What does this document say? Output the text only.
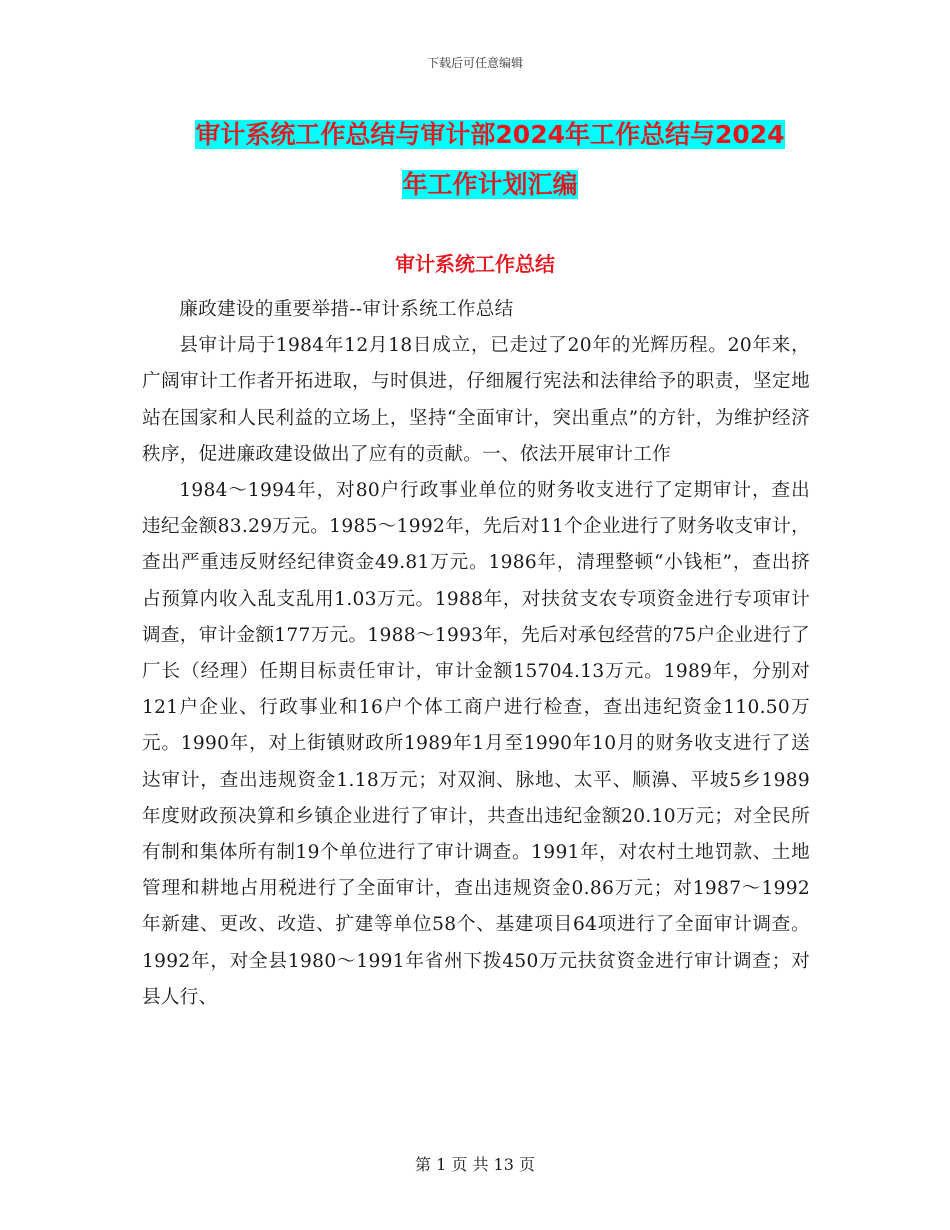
下载后可任意编辑
审计系统工作总结与审计部2024年工作总结与2024
年工作计划汇编
审计系统工作总结

廉政建设的重要举措--审计系统工作总结

县审计局于1984年12月18日成立，已走过了20年的光辉历程。20年来，广阔审计工作者开拓进取，与时俱进，仔细履行宪法和法律给予的职责，坚定地站在国家和人民利益的立场上，坚持“全面审计，突出重点”的方针，为维护经济秩序，促进廉政建设做出了应有的贡献。一、依法开展审计工作

1984～1994年，对80户行政事业单位的财务收支进行了定期审计，查出违纪金额83.29万元。1985～1992年，先后对11个企业进行了财务收支审计，查出严重违反财经纪律资金49.81万元。1986年，清理整顿“小钱柜”，查出挤占预算内收入乱支乱用1.03万元。1988年，对扶贫支农专项资金进行专项审计调查，审计金额177万元。1988～1993年，先后对承包经营的75户企业进行了厂长（经理）任期目标责任审计，审计金额15704.13万元。1989年，分别对121户企业、行政事业和16户个体工商户进行检查，查出违纪资金110.50万元。1990年，对上街镇财政所1989年1月至1990年10月的财务收支进行了送达审计，查出违规资金1.18万元；对双涧、脉地、太平、顺濞、平坡5乡1989年度财政预决算和乡镇企业进行了审计，共查出违纪金额20.10万元；对全民所有制和集体所有制19个单位进行了审计调查。1991年，对农村土地罚款、土地管理和耕地占用税进行了全面审计，查出违规资金0.86万元；对1987～1992年新建、更改、改造、扩建等单位58个、基建项目64项进行了全面审计调查。1992年，对全县1980～1991年省州下拨450万元扶贫资金进行审计调查；对县人行、

第 1 页 共 13 页
